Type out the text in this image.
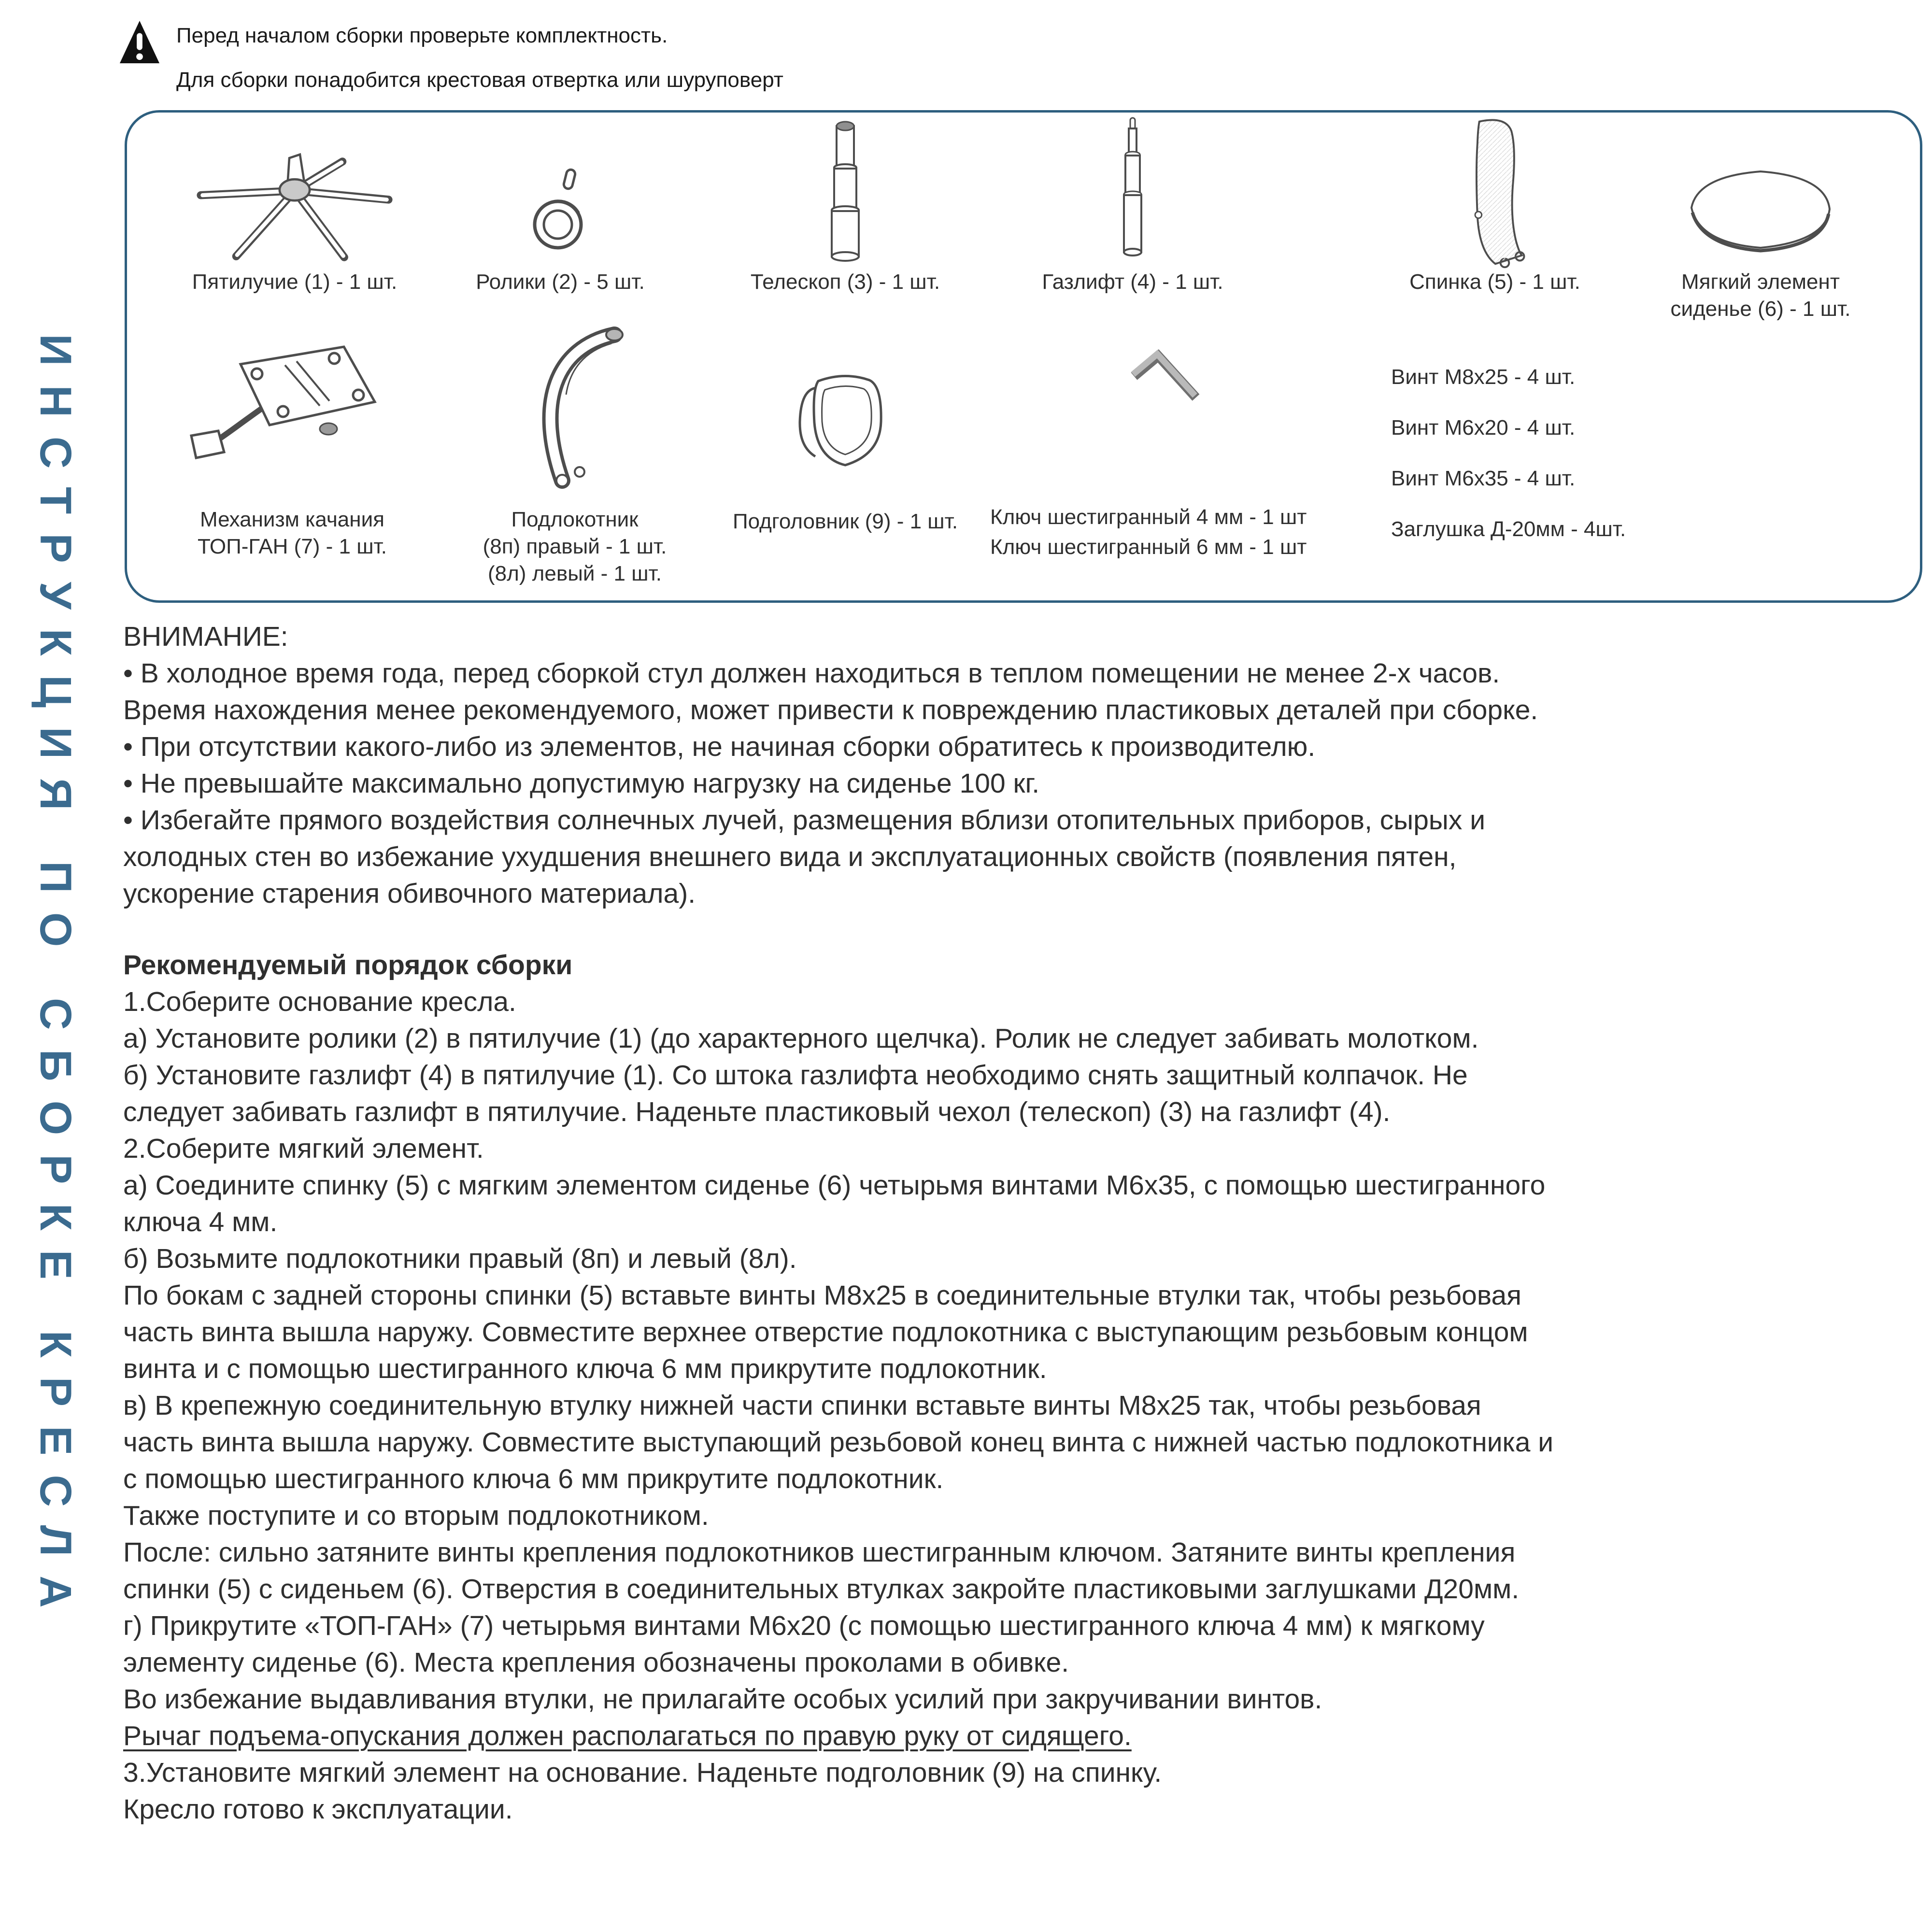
Перед началом сборки проверьте комплектность.
Для сборки понадобится крестовая отвертка или шуруповерт
ИНСТРУКЦИЯ ПО СБОРКЕ КРЕСЛА
Пятилучие (1) - 1 шт.	Ролики (2) - 5 шт.	Телескоп (3) - 1 шт.	Газлифт (4) - 1 шт.	Спинка (5) - 1 шт.	Мягкий элемент
сиденье (6) - 1 шт.
Механизм качания
ТОП-ГАН (7) - 1 шт.
Подлокотник
(8п) правый - 1 шт.
(8л) левый - 1 шт.
Подголовник (9) - 1 шт.	Ключ шестигранный 4 мм - 1 шт
Ключ шестигранный 6 мм - 1 шт
Винт М8х25 - 4 шт.
Винт М6х20 - 4 шт.
Винт М6х35 - 4 шт.
Заглушка Д-20мм - 4шт.
ВНИМАНИЕ:
• В холодное время года, перед сборкой стул должен находиться в теплом помещении не менее 2-х часов.
Время нахождения менее рекомендуемого, может привести к повреждению пластиковых деталей при сборке.
• При отсутствии какого-либо из элементов, не начиная сборки обратитесь к производителю.
• Не превышайте максимально допустимую нагрузку на сиденье 100 кг.
• Избегайте прямого воздействия солнечных лучей, размещения вблизи отопительных приборов, сырых и
холодных стен во избежание ухудшения внешнего вида и эксплуатационных свойств (появления пятен,
ускорение старения обивочного материала).
Рекомендуемый порядок сборки
1.Соберите основание кресла.
а) Установите ролики (2) в пятилучие (1) (до характерного щелчка). Ролик не следует забивать молотком.
б) Установите газлифт (4) в пятилучие (1). Со штока газлифта необходимо снять защитный колпачок. Не
следует забивать газлифт в пятилучие. Наденьте пластиковый чехол (телескоп) (3) на газлифт (4).
2.Соберите мягкий элемент.
а) Соедините спинку (5) с мягким элементом сиденье (6) четырьмя винтами М6х35, с помощью шестигранного
ключа 4 мм.
б) Возьмите подлокотники правый (8п) и левый (8л).
По бокам с задней стороны спинки (5) вставьте винты М8х25 в соединительные втулки так, чтобы резьбовая
часть винта вышла наружу. Совместите верхнее отверстие подлокотника с выступающим резьбовым концом
винта и с помощью шестигранного ключа 6 мм прикрутите подлокотник.
в) В крепежную соединительную втулку нижней части спинки вставьте винты М8х25 так, чтобы резьбовая
часть винта вышла наружу. Совместите выступающий резьбовой конец винта с нижней частью подлокотника и
с помощью шестигранного ключа 6 мм прикрутите подлокотник.
Также поступите и со вторым подлокотником.
После: сильно затяните винты крепления подлокотников шестигранным ключом. Затяните винты крепления
спинки (5) с сиденьем (6). Отверстия в соединительных втулках закройте пластиковыми заглушками Д20мм.
г) Прикрутите «ТОП-ГАН» (7) четырьмя винтами М6х20 (с помощью шестигранного ключа 4 мм) к мягкому
элементу сиденье (6). Места крепления обозначены проколами в обивке.
Во избежание выдавливания втулки, не прилагайте особых усилий при закручивании винтов.
Рычаг подъема-опускания должен располагаться по правую руку от сидящего.
3.Установите мягкий элемент на основание. Наденьте подголовник (9) на спинку.
Кресло готово к эксплуатации.
